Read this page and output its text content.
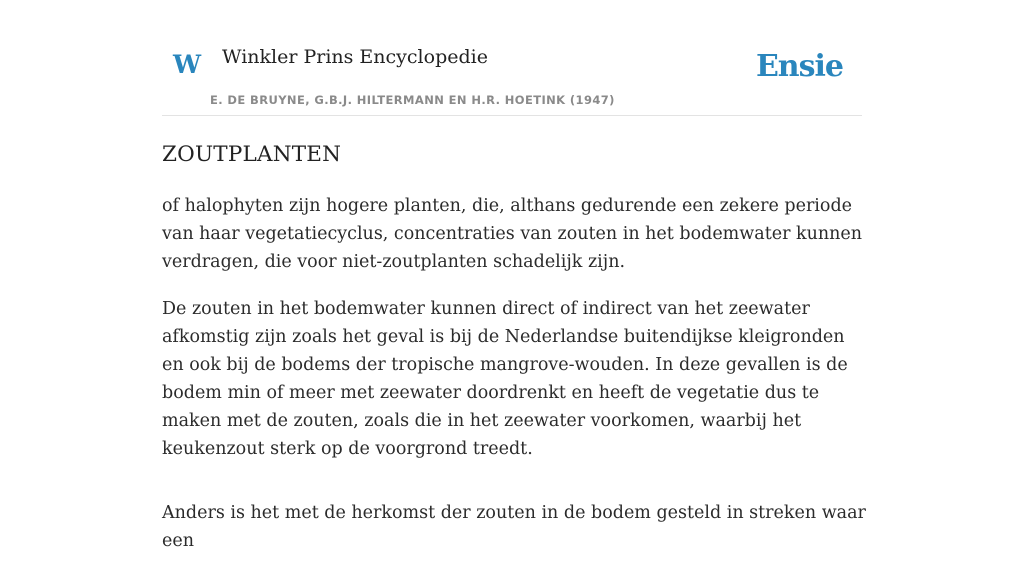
W Winkler Prins Encyclopedie
E. DE BRUYNE, G.B.J. HILTERMANN EN H.R. HOETINK (1947)
Ensie
ZOUTPLANTEN

of halophyten zijn hogere planten, die, althans gedurende een zekere periode van haar vegetatiecyclus, concentraties van zouten in het bodemwater kunnen verdragen, die voor niet-zoutplanten schadelijk zijn.

De zouten in het bodemwater kunnen direct of indirect van het zeewater afkomstig zijn zoals het geval is bij de Nederlandse buitendijkse kleigronden en ook bij de bodems der tropische mangrove-wouden. In deze gevallen is de bodem min of meer met zeewater doordrenkt en heeft de vegetatie dus te maken met de zouten, zoals die in het zeewater voorkomen, waarbij het keukenzout sterk op de voorgrond treedt.

Anders is het met de herkomst der zouten in de bodem gesteld in streken waar een
